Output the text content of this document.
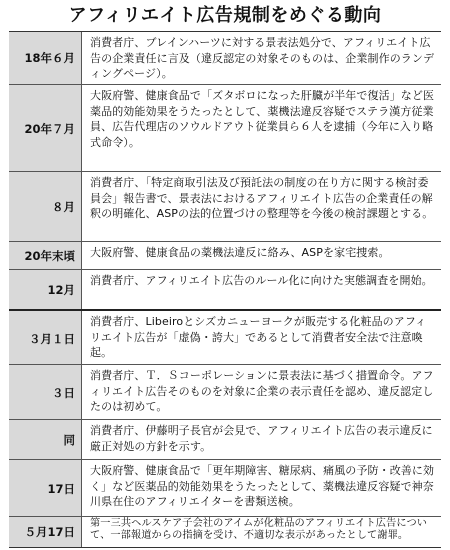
アフィリエイト広告規制をめぐる動向
18年６月
消費者庁、ブレインハーツに対する景表法処分で、アフィリエイト広告の企業責任に言及（違反認定の対象そのものは、企業制作のランディングページ）。
20年７月
大阪府警、健康食品で「ズタボロになった肝臓が半年で復活」など医薬品的効能効果をうたったとして、薬機法違反容疑でステラ漢方従業員、広告代理店のソウルドアウト従業員ら６人を逮捕（今年に入り略式命令）。
８月
消費者庁、「特定商取引法及び預託法の制度の在り方に関する検討委員会」報告書で、景表法におけるアフィリエイト広告の企業責任の解釈の明確化、ASPの法的位置づけの整理等を今後の検討課題とする。
20年末頃	大阪府警、健康食品の薬機法違反に絡み、ASPを家宅捜索。
12月
消費者庁、アフィリエイト広告のルール化に向けた実態調査を開始。
３月１日
消費者庁、Libeiroとシズカニューヨークが販売する化粧品のアフィリエイト広告が「虚偽・誇大」であるとして消費者安全法で注意喚起。
３日
消費者庁、Ｔ．Ｓコーポレーションに景表法に基づく措置命令。アフィリエイト広告そのものを対象に企業の表示責任を認め、違反認定したのは初めて。
同
消費者庁、伊藤明子長官が会見で、アフィリエイト広告の表示違反に厳正対処の方針を示す。
17日
大阪府警、健康食品で「更年期障害、糖尿病、痛風の予防・改善に効く」など医薬品的効能効果をうたったとして、薬機法違反容疑で神奈川県在住のアフィリエイターを書類送検。
５月17日
第一三共ヘルスケア子会社のアイムが化粧品のアフィリエイト広告について、一部報道からの指摘を受け、不適切な表示があったとして謝罪。
